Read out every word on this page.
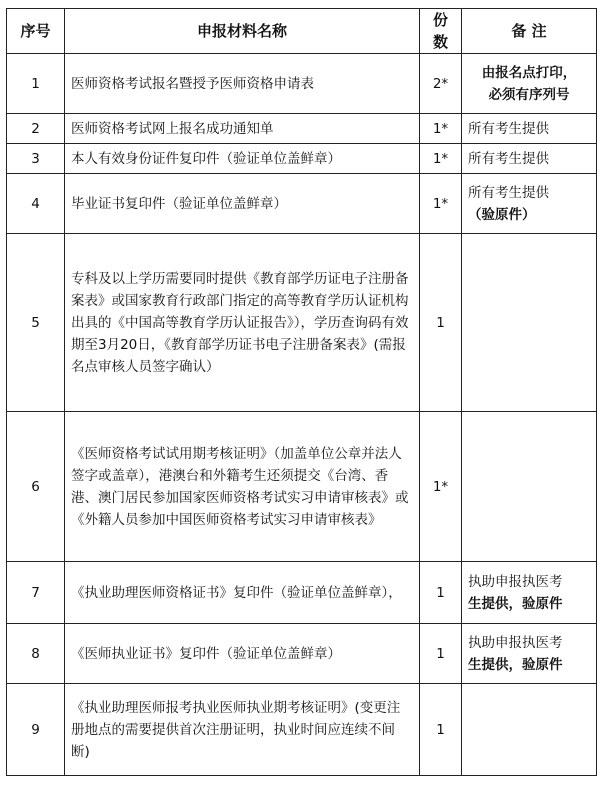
序号	申报材料名称	份数	备 注
1	医师资格考试报名暨授予医师资格申请表	2*	由报名点打印，
必须有序列号

2	医师资格考试网上报名成功通知单	1*	所有考生提供

3	本人有效身份证件复印件（验证单位盖鲜章）	1*	所有考生提供

4	毕业证书复印件（验证单位盖鲜章）	1*	所有考生提供
（验原件）

5	专科及以上学历需要同时提供《教育部学历证电子注册备案表》或国家教育行政部门指定的高等教育学历认证机构出具的《中国高等教育学历认证报告》），学历查询码有效期至3月20日，《教育部学历证书电子注册备案表》(需报名点审核人员签字确认）	1	
6	《医师资格考试试用期考核证明》（加盖单位公章并法人签字或盖章），港澳台和外籍考生还须提交《台湾、香港、澳门居民参加国家医师资格考试实习申请审核表》或《外籍人员参加中国医师资格考试实习申请审核表》	1*	
7	《执业助理医师资格证书》复印件（验证单位盖鲜章），	1	执助申报执医考
生提供，验原件

8	《医师执业证书》复印件（验证单位盖鲜章）	1	执助申报执医考
生提供，验原件

9	《执业助理医师报考执业医师执业期考核证明》(变更注册地点的需要提供首次注册证明，执业时间应连续不间断)	1	
